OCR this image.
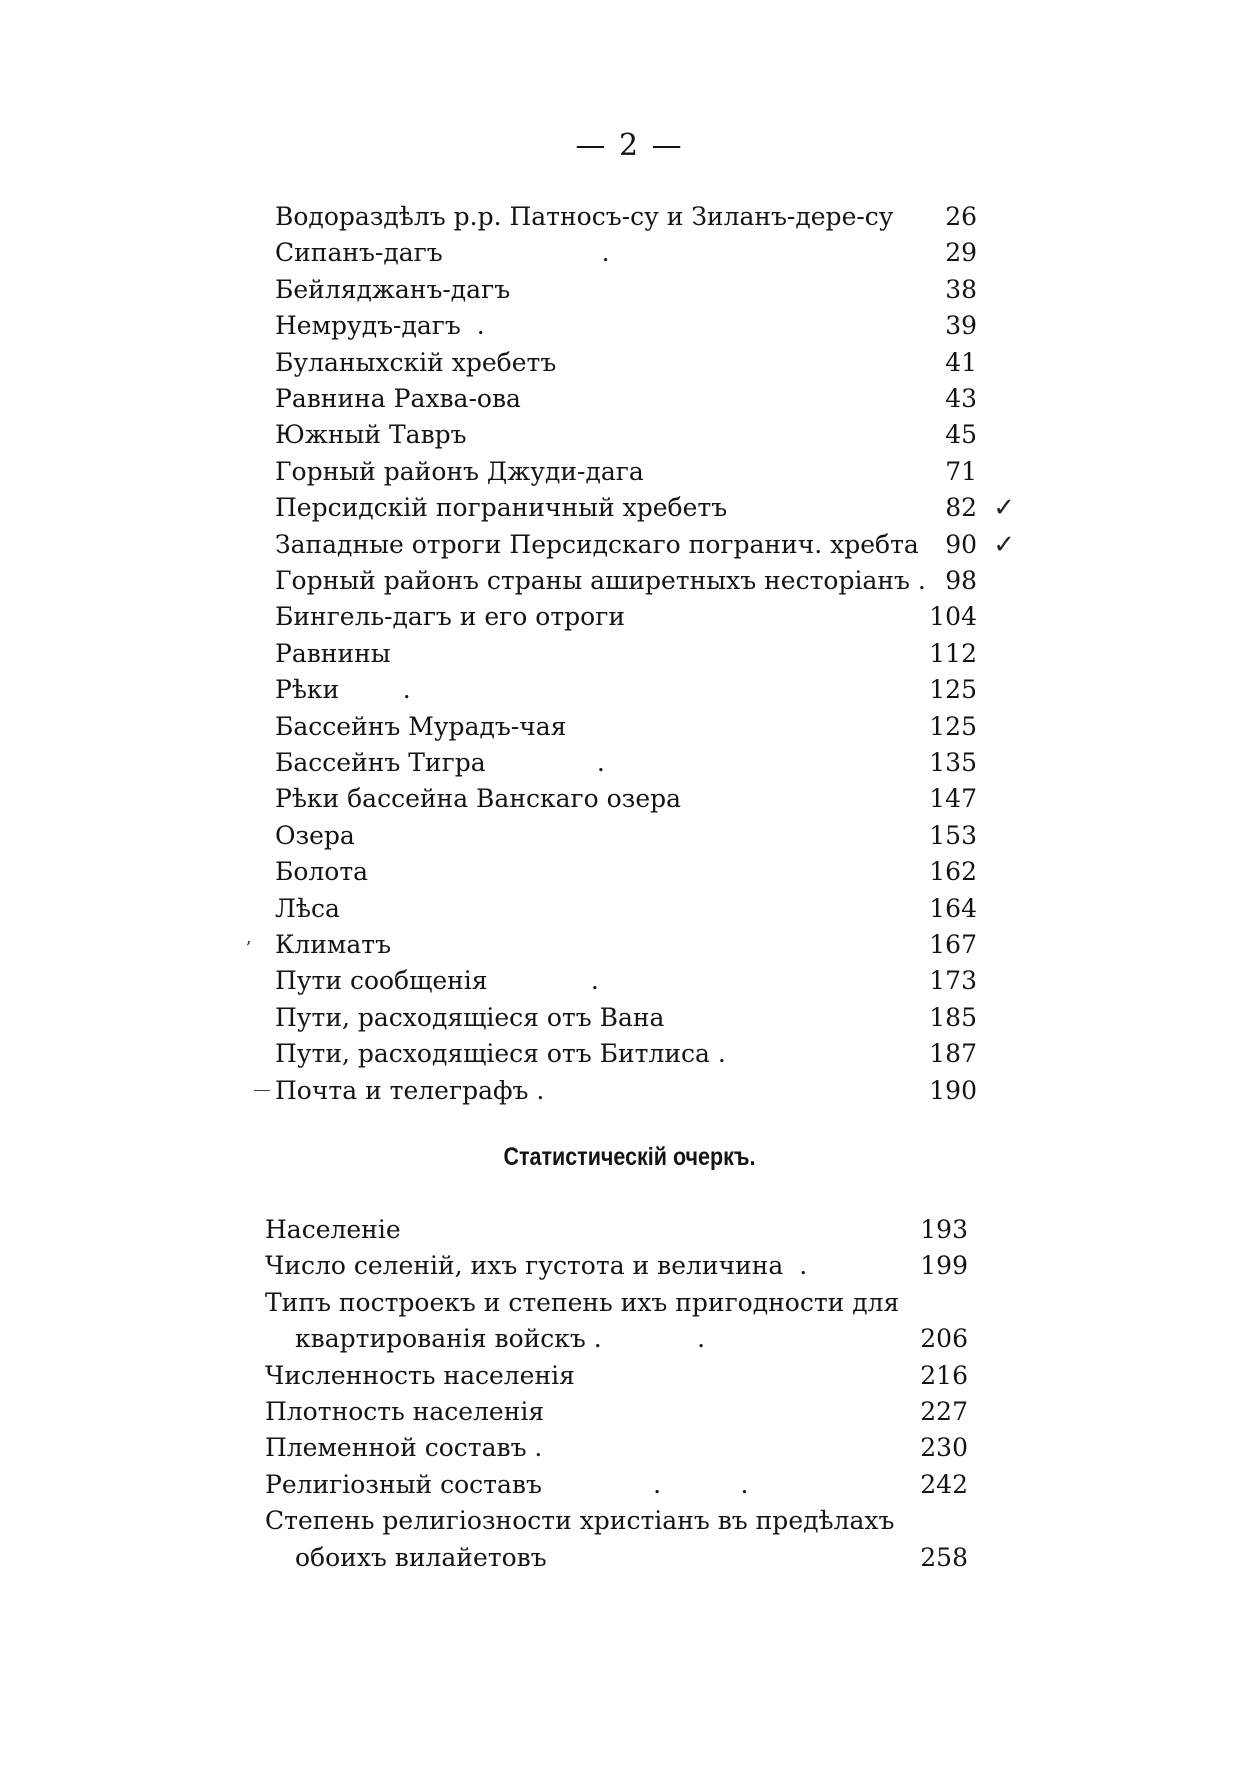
— 2 —
Водораздѣлъ р.р. Патносъ-су и Зиланъ-дере-су 26
Сипанъ-дагъ                    .	29
Бейляджанъ-дагъ	38
Немрудъ-дагъ  .	39
Буланыхскій хребетъ	41
Равнина Рахва-ова	43
Южный Тавръ	45
Горный районъ Джуди-дага	71
Персидскій пограничный хребетъ	82 ✓
Западные отроги Персидскаго погранич. хребта 90 ✓
Горный районъ страны аширетныхъ несторіанъ . 98
Бингель-дагъ и его отроги	104
Равнины	112
Рѣки        .	125
Бассейнъ Мурадъ-чая	125
Бассейнъ Тигра              .	135
Рѣки бассейна Ванскаго озера	147
Озера	153
Болота	162
Лѣса	164
Климатъ	167
Пути сообщенія             .	173
Пути, расходящіеся отъ Вана	185
Пути, расходящіеся отъ Битлиса .	187
Почта и телеграфъ .	190
Статистическій очеркъ.
Населеніе	193
Число селеній, ихъ густота и величина  .	199
Типъ построекъ и степень ихъ пригодности для
квартированія войскъ .            .	206
Численность населенія	216
Плотность населенія	227
Племенной составъ .	230
Религіозный составъ              .          .	242
Степень религіозности христіанъ въ предѣлахъ
обоихъ вилайетовъ	258
ʼ
